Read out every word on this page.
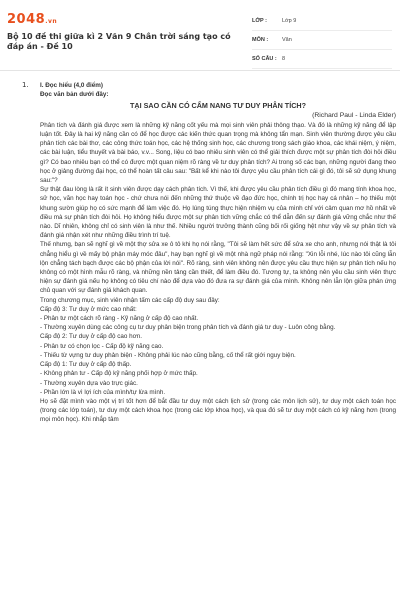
2048.vn
Bộ 10 đề thi giữa kì 2 Văn 9 Chân trời sáng tạo có đáp án - Đề 10
LỚP :	Lớp 9
MÔN :	Văn
SỐ CÂU : 8
1. I. Đọc hiểu (4,0 điểm)

Đọc văn bản dưới đây:

TẠI SAO CẦN CÓ CẨM NANG TƯ DUY PHÂN TÍCH?

(Richard Paul - Linda Elder)

Phân tích và đánh giá được xem là những kỹ năng cốt yếu mà mọi sinh viên phải thông thạo. Và đó là những kỹ năng để lập luận tốt. Đây là hai kỹ năng cần có để học được các kiến thức quan trọng mà không tẩn mạn. Sinh viên thường được yêu cầu phân tích các bài thơ, các công thức toán học, các hệ thống sinh học, các chương trong sách giáo khoa, các khái niệm, ý niệm, các bài luận, tiểu thuyết và bài báo, v.v... Song, liệu có bao nhiêu sinh viên có thể giải thích được một sự phân tích đòi hỏi điều gì? Có bao nhiêu bạn có thể có được một quan niệm rõ ràng về tư duy phân tích? Ai trong số các bạn, những người đang theo học ở giảng đường đại học, có thể hoàn tất câu sau: "Bất kể khi nào tôi được yêu cầu phân tích cái gì đó, tôi sẽ sử dụng khung sau:"?

Sự thật đau lòng là rất ít sinh viên được dạy cách phân tích. Vì thế, khi được yêu cầu phân tích điều gì đó mang tính khoa học, sử học, văn học hay toán học - chứ chưa nói đến những thứ thuộc về đạo đức học, chính trị học hay cá nhân – họ thiếu một khung sườn giúp họ có sức mạnh để làm việc đó. Họ lúng túng thực hiện nhiệm vụ của mình chỉ với cảm quan mơ hồ nhất về điều mà sự phân tích đòi hỏi. Họ không hiểu được một sự phân tích vững chắc có thể dẫn đến sự đánh giá vững chắc như thế nào. Dĩ nhiên, không chỉ có sinh viên là như thế. Nhiều người trưởng thành cũng bối rối giống hệt như vậy về sự phân tích và đánh giá nhận xét như những điều trình trí tuệ.

Thế nhưng, bạn sẽ nghĩ gì về một thợ sửa xe ô tô khi họ nói rằng, "Tôi sẽ làm hết sức để sửa xe cho anh, nhưng nói thật là tôi chẳng hiểu gì về mấy bộ phận máy móc đâu", hay bạn nghĩ gì về một nhà ngữ pháp nói rằng: "Xin lỗi nhé, lúc nào tôi cũng lẫn lộn chẳng tách bạch được các bộ phận của lời nói". Rõ ràng, sinh viên không nên được yêu cầu thực hiện sự phân tích nếu họ không có một hình mẫu rõ ràng, và những nền tảng cần thiết, để làm điều đó. Tương tự, ta không nên yêu cầu sinh viên thực hiện sự đánh giá nếu họ không có tiêu chí nào để dựa vào đó đưa ra sự đánh giá của mình. Không nên lẫn lộn giữa phán ứng chủ quan với sự đánh giá khách quan.

Trong chương mục, sinh viên nhận tấm các cấp độ duy sau đây:

Cấp độ 3: Tư duy ở mức cao nhất:

- Phân tư một cách rõ ràng - Kỹ năng ở cấp độ cao nhất.

- Thường xuyên dùng các công cụ tư duy phân biện trong phân tích và đánh giá tư duy - Luôn công bằng.

Cấp độ 2: Tư duy ở cấp độ cao hơn.

- Phân tư có chọn lọc - Cấp độ kỹ năng cao.

- Thiếu từ vựng tư duy phản biện - Không phải lúc nào cũng bằng, cố thể rất giới nguy biện.

Cấp độ 1: Tư duy ở cấp độ thấp.

- Không phản tư - Cấp độ kỹ năng phối hợp ở mức thấp.

- Thường xuyên dựa vào trực giác.

- Phần lớn là vì lợi ích của mình/tự lừa mình.

Họ sẽ đặt mình vào một vị trí tốt hơn để bắt đầu tư duy một cách lịch sử (trong các môn lịch sử), tư duy một cách toán học (trong các lớp toán), tư duy một cách khoa học (trong các lớp khoa học), và qua đó sẽ tư duy một cách có kỹ năng hơn (trong mọi môn học). Khi nhắp tâm
